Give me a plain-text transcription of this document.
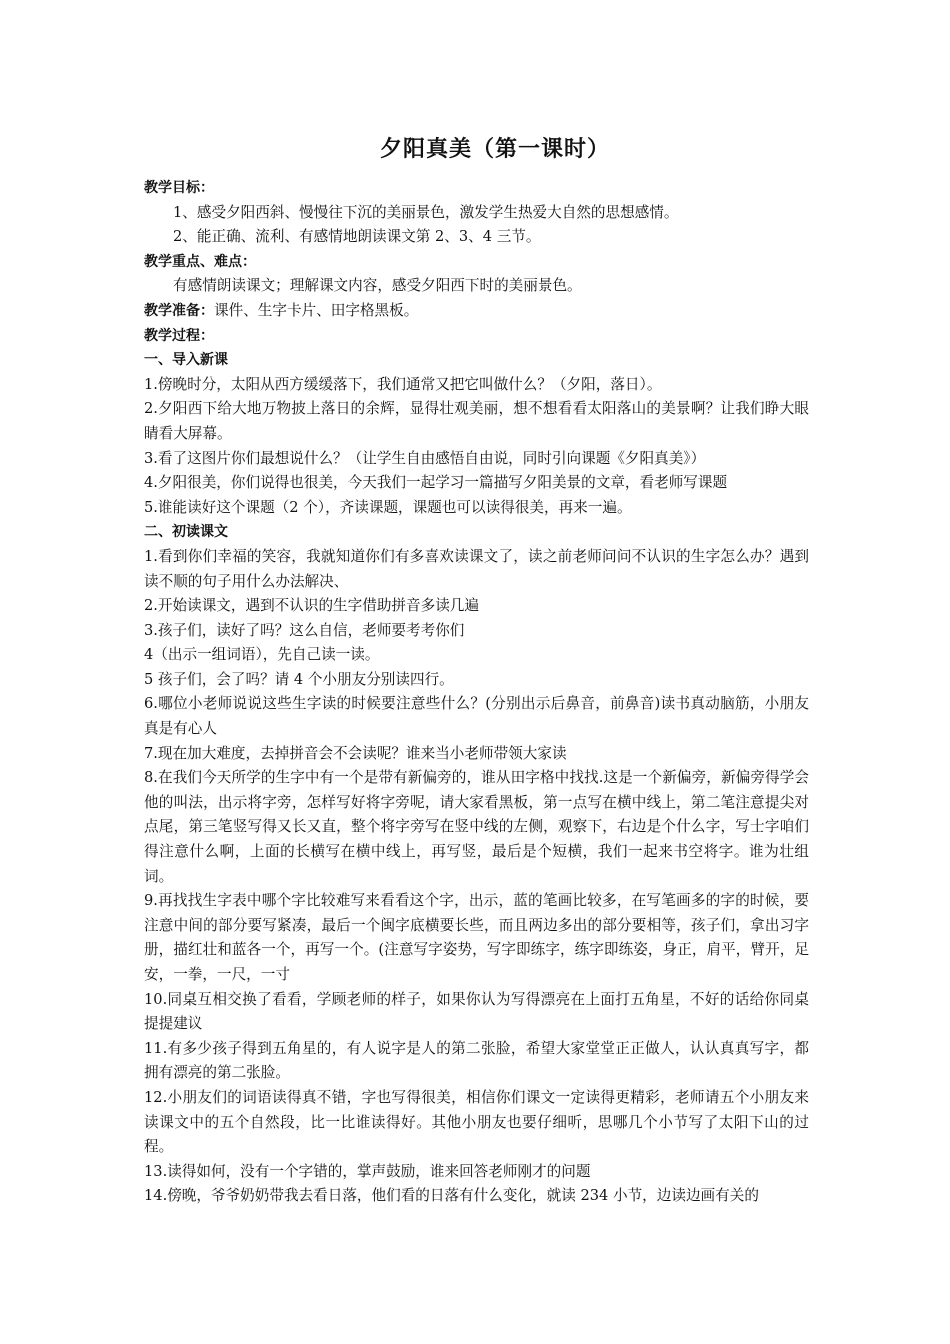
夕阳真美（第一课时）

教学目标：

1、感受夕阳西斜、慢慢往下沉的美丽景色，激发学生热爱大自然的思想感情。

2、能正确、流利、有感情地朗读课文第 2、3、4 三节。

教学重点、难点：

有感情朗读课文；理解课文内容，感受夕阳西下时的美丽景色。

教学准备：课件、生字卡片、田字格黑板。

教学过程：

一、导入新课

1.傍晚时分，太阳从西方缓缓落下，我们通常又把它叫做什么？（夕阳，落日）。

2.夕阳西下给大地万物披上落日的余辉，显得壮观美丽，想不想看看太阳落山的美景啊？让我们睁大眼睛看大屏幕。

3.看了这图片你们最想说什么？（让学生自由感悟自由说，同时引向课题《夕阳真美》）

4.夕阳很美，你们说得也很美，今天我们一起学习一篇描写夕阳美景的文章，看老师写课题

5.谁能读好这个课题（2 个），齐读课题，课题也可以读得很美，再来一遍。

二、初读课文

1.看到你们幸福的笑容，我就知道你们有多喜欢读课文了，读之前老师问问不认识的生字怎么办？遇到读不顺的句子用什么办法解决、

2.开始读课文，遇到不认识的生字借助拼音多读几遍

3.孩子们，读好了吗？这么自信，老师要考考你们

4（出示一组词语），先自己读一读。

5 孩子们，会了吗？请 4 个小朋友分别读四行。

6.哪位小老师说说这些生字读的时候要注意些什么？(分别出示后鼻音，前鼻音)读书真动脑筋，小朋友真是有心人

7.现在加大难度，去掉拼音会不会读呢？谁来当小老师带领大家读

8.在我们今天所学的生字中有一个是带有新偏旁的，谁从田字格中找找.这是一个新偏旁，新偏旁得学会他的叫法，出示将字旁，怎样写好将字旁呢，请大家看黑板，第一点写在横中线上，第二笔注意提尖对点尾，第三笔竖写得又长又直，整个将字旁写在竖中线的左侧，观察下，右边是个什么字，写士字咱们得注意什么啊，上面的长横写在横中线上，再写竖，最后是个短横，我们一起来书空将字。谁为壮组词。

9.再找找生字表中哪个字比较难写来看看这个字，出示，蓝的笔画比较多，在写笔画多的字的时候，要注意中间的部分要写紧凑，最后一个闽字底横要长些，而且两边多出的部分要相等，孩子们，拿出习字册，描红壮和蓝各一个，再写一个。(注意写字姿势，写字即练字，练字即练姿，身正，肩平，臂开，足安，一拳，一尺，一寸

10.同桌互相交换了看看，学顾老师的样子，如果你认为写得漂亮在上面打五角星，不好的话给你同桌提提建议

11.有多少孩子得到五角星的，有人说字是人的第二张脸，希望大家堂堂正正做人，认认真真写字，都拥有漂亮的第二张脸。

12.小朋友们的词语读得真不错，字也写得很美，相信你们课文一定读得更精彩，老师请五个小朋友来读课文中的五个自然段，比一比谁读得好。其他小朋友也要仔细听，思哪几个小节写了太阳下山的过程。

13.读得如何，没有一个字错的，掌声鼓励，谁来回答老师刚才的问题

14.傍晚，爷爷奶奶带我去看日落，他们看的日落有什么变化，就读 234 小节，边读边画有关的
